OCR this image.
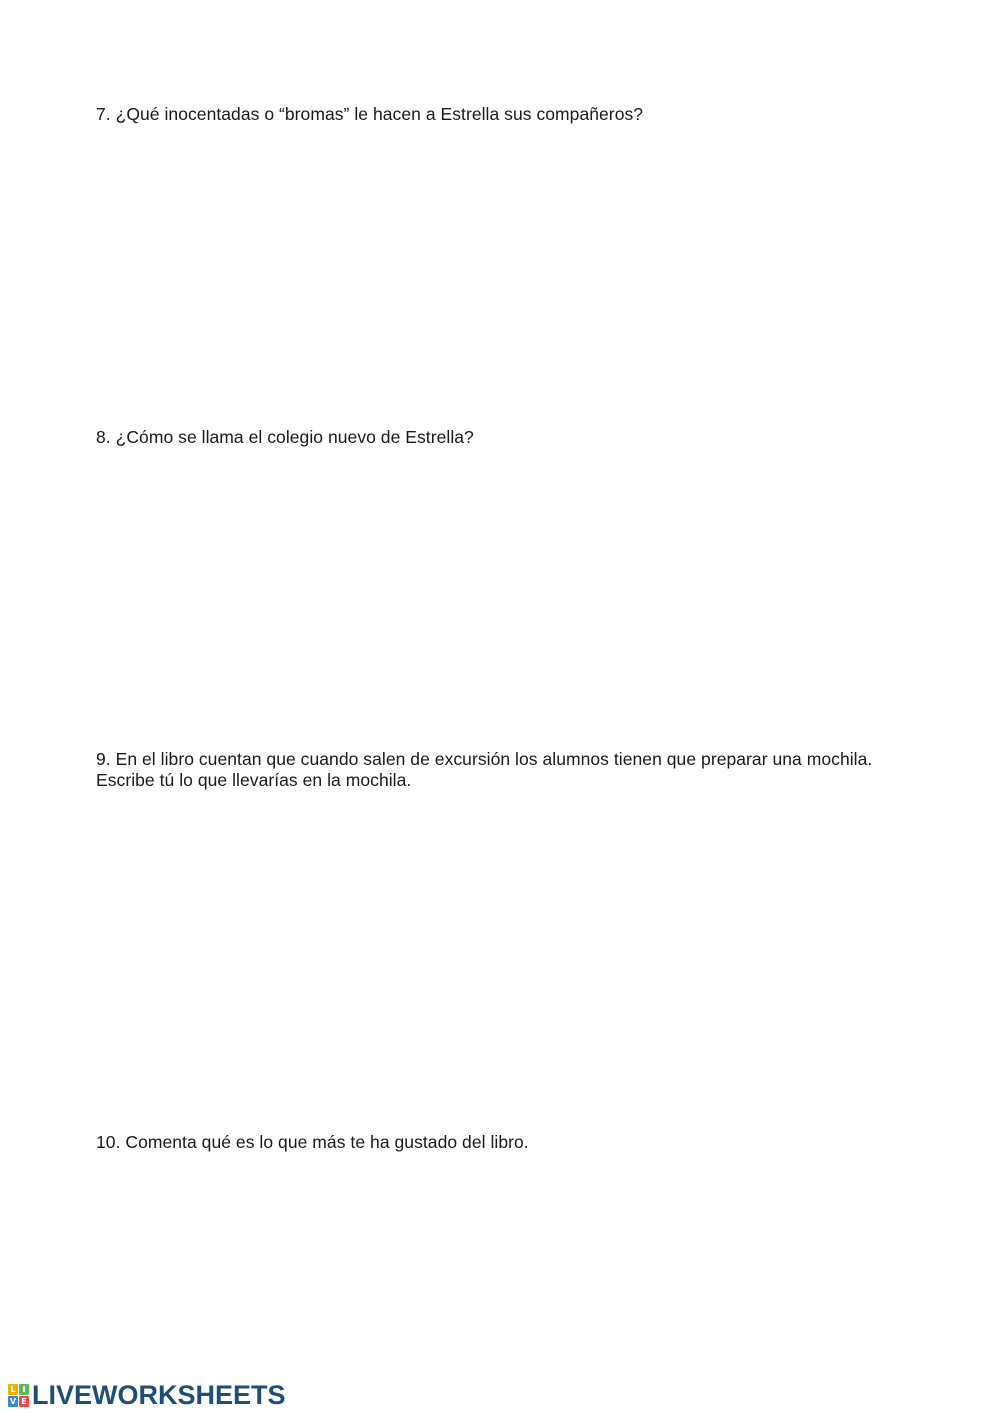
7. ¿Qué inocentadas o “bromas” le hacen a Estrella sus compañeros?
8. ¿Cómo se llama el colegio nuevo de Estrella?
9. En el libro cuentan que cuando salen de excursión los alumnos tienen que preparar una mochila. Escribe tú lo que llevarías en la mochila.
10. Comenta qué es lo que más te ha gustado del libro.
L I
V E LIVEWORKSHEETS
